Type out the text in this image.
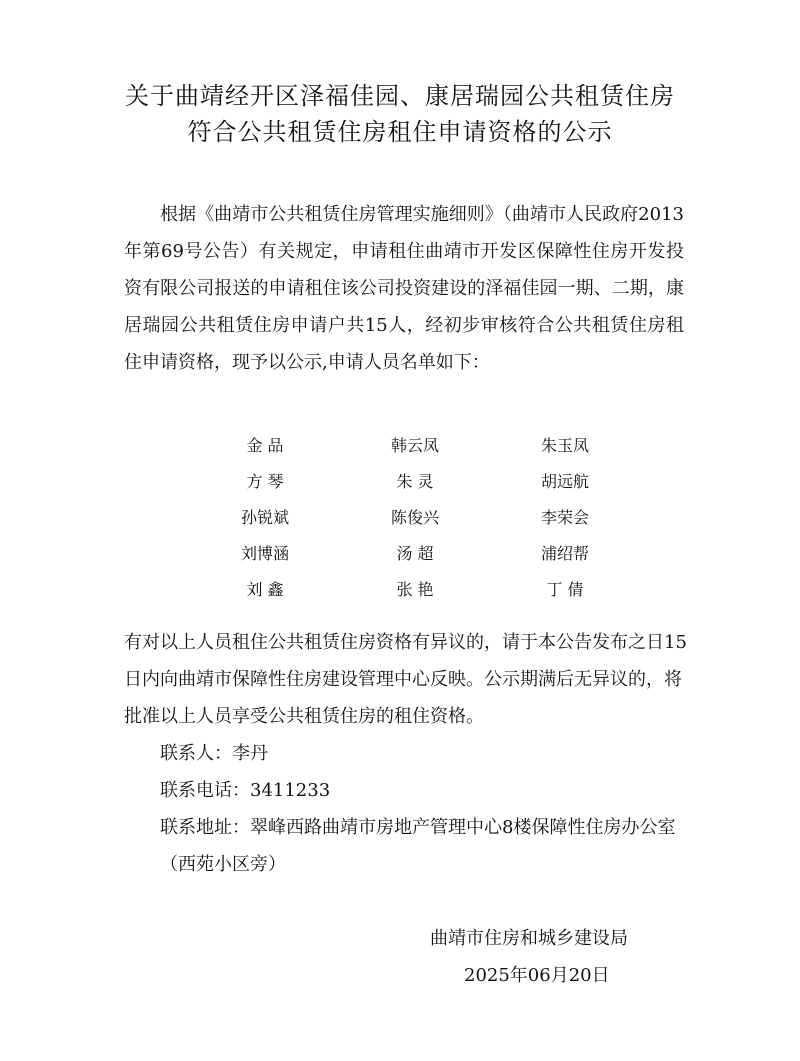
关于曲靖经开区泽福佳园、康居瑞园公共租赁住房
符合公共租赁住房租住申请资格的公示

根据《曲靖市公共租赁住房管理实施细则》（曲靖市人民政府2013年第69号公告）有关规定，申请租住曲靖市开发区保障性住房开发投资有限公司报送的申请租住该公司投资建设的泽福佳园一期、二期，康居瑞园公共租赁住房申请户共15人，经初步审核符合公共租赁住房租住申请资格，现予以公示,申请人员名单如下：

金 品	韩云凤	朱玉凤
方 琴	朱 灵	胡远航
孙锐斌	陈俊兴	李荣会
刘博涵	汤 超	浦绍帮
刘 鑫	张 艳	丁 倩

有对以上人员租住公共租赁住房资格有异议的，请于本公告发布之日15日内向曲靖市保障性住房建设管理中心反映。公示期满后无异议的，将批准以上人员享受公共租赁住房的租住资格。

联系人：李丹

联系电话：3411233

联系地址：翠峰西路曲靖市房地产管理中心8楼保障性住房办公室（西苑小区旁）

曲靖市住房和城乡建设局
2025年06月20日
